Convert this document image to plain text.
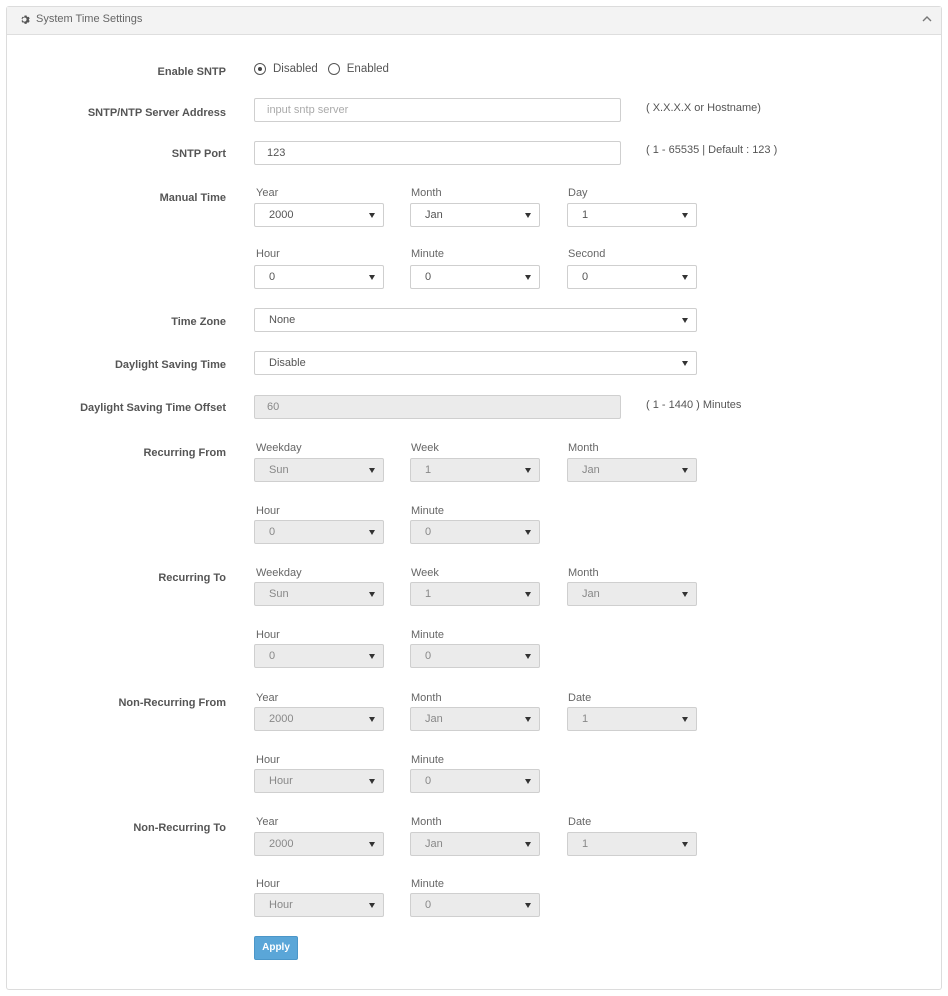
System Time Settings
Enable SNTP	Disabled	Enabled
SNTP/NTP Server Address
input sntp server	( X.X.X.X or Hostname)
SNTP Port
123	( 1 - 65535 | Default : 123 )
Manual Time	Year	Month	Day
2000	Jan	1
Hour	Minute	Second
0	0	0
Time Zone	None
Daylight Saving Time	Disable
Daylight Saving Time Offset
60	( 1 - 1440 ) Minutes
Recurring From	Weekday	Week	Month
Sun	1	Jan
Hour	Minute
0	0
Recurring To	Weekday	Week	Month
Sun	1	Jan
Hour	Minute
0	0
Non-Recurring From	Year	Month	Date
2000	Jan	1
Hour	Minute
Hour	0
Non-Recurring To	Year	Month	Date
2000	Jan	1
Hour	Minute
Hour	0
Apply
